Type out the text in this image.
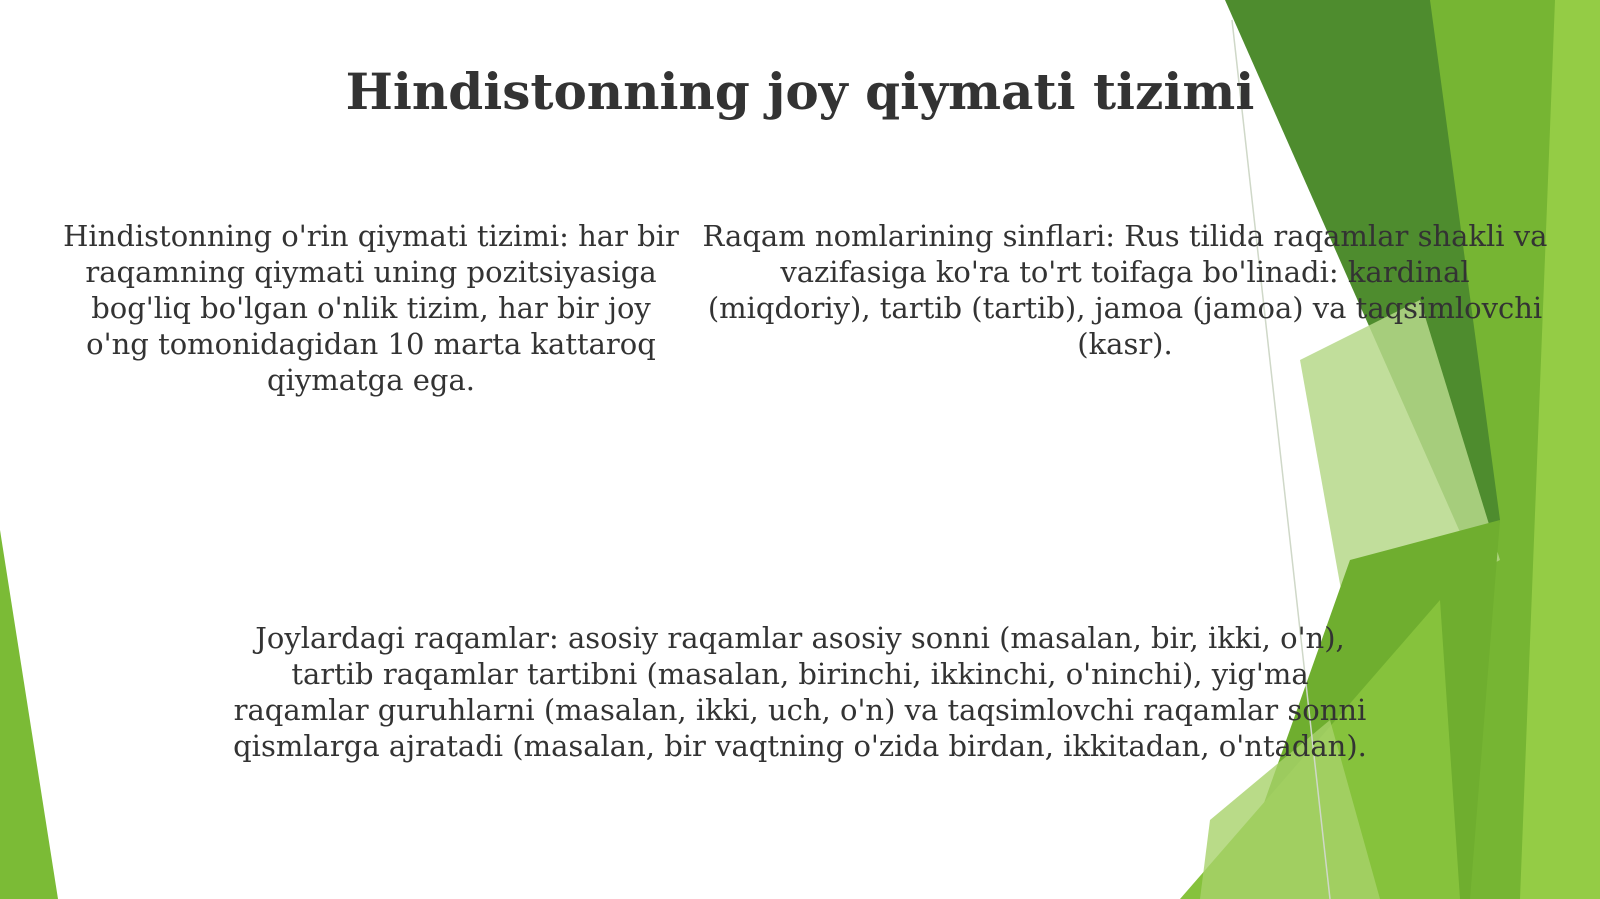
Hindistonning joy qiymati tizimi

Hindistonning o'rin qiymati tizimi: har bir raqamning qiymati uning pozitsiyasiga bog'liq bo'lgan o'nlik tizim, har bir joy o'ng tomonidagidan 10 marta kattaroq qiymatga ega.

Raqam nomlarining sinflari: Rus tilida raqamlar shakli va vazifasiga ko'ra to'rt toifaga bo'linadi: kardinal (miqdoriy), tartib (tartib), jamoa (jamoa) va taqsimlovchi (kasr).

Joylardagi raqamlar: asosiy raqamlar asosiy sonni (masalan, bir, ikki, o'n), tartib raqamlar tartibni (masalan, birinchi, ikkinchi, o'ninchi), yig'ma raqamlar guruhlarni (masalan, ikki, uch, o'n) va taqsimlovchi raqamlar sonni qismlarga ajratadi (masalan, bir vaqtning o'zida birdan, ikkitadan, o'ntadan).
